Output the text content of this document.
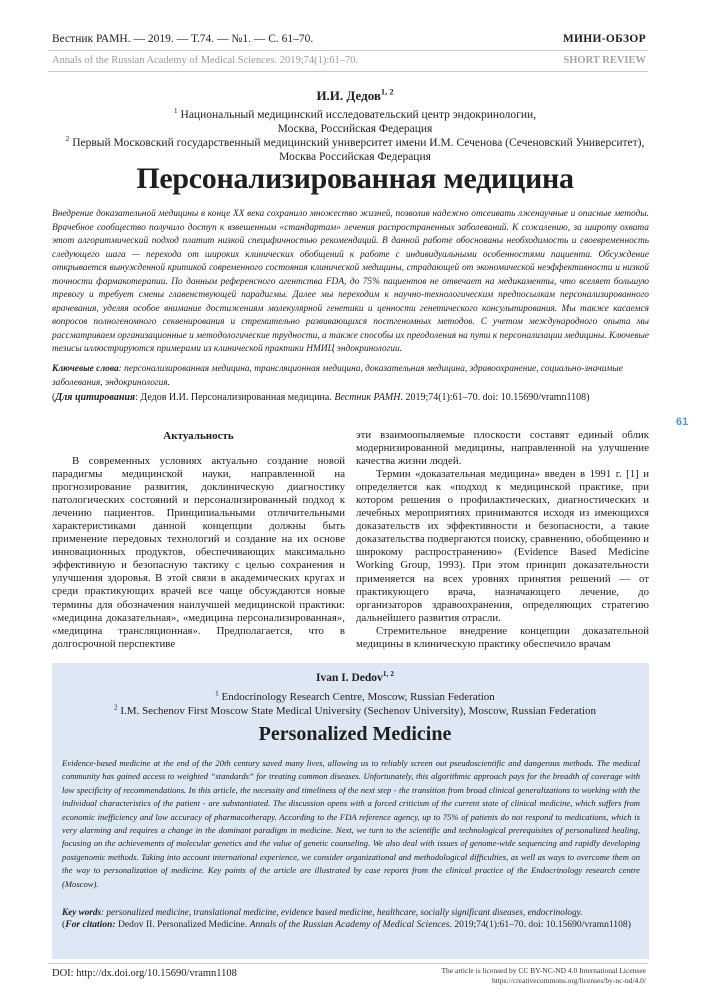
Вестник РАМН. — 2019. — Т.74. — №1. — С. 61–70.	МИНИ-ОБЗОР
Annals of the Russian Academy of Medical Sciences. 2019;74(1):61–70.	SHORT REVIEW
61
И.И. Дедов$^{1, 2}$
$^1$ Национальный медицинский исследовательский центр эндокринологии,
Москва, Российская Федерация
$^2$ Первый Московский государственный медицинский университет имени И.М. Сеченова (Сеченовский Университет),
Москва Российская Федерация
Персонализированная медицина
Внедрение доказательной медицины в конце XX века сохранило множество жизней, позволив надежно отсеивать лженаучные и опасные методы. Врачебное сообщество получило доступ к взвешенным «стандартам» лечения распространенных заболеваний. К сожалению, за широту охвата этот алгоритмический подход платит низкой специфичностью рекомендаций. В данной работе обоснованы необходимость и своевременность следующего шага — перехода от широких клинических обобщений к работе с индивидуальными особенностями пациента. Обсуждение открывается вынужденной критикой современного состояния клинической медицины, страдающей от экономической неэффективности и низкой точности фармакотерапии. По данным референсного агентства FDA, до 75% пациентов не отвечает на медикаменты, что вселяет большую тревогу и требует смены главенствующей парадигмы. Далее мы переходим к научно-технологическим предпосылкам персонализированного врачевания, уделяя особое внимание достижениям молекулярной генетики и ценности генетического консультирования. Мы также касаемся вопросов полногеномного секвенирования и стремительно развивающихся постгеномных методов. С учетом международного опыта мы рассматриваем организационные и методологические трудности, а также способы их преодоления на пути к персонализации медицины. Ключевые тезисы иллюстрируются примерами из клинической практики НМИЦ эндокринологии.
Ключевые слова: персонализированная медицина, трансляционная медицина, доказательная медицина, здравоохранение, социально-значимые заболевания, эндокринология.
(Для цитирования: Дедов И.И. Персонализированная медицина. Вестник РАМН. 2019;74(1):61–70. doi: 10.15690/vramn1108)
Актуальность

В современных условиях актуально создание новой парадигмы медицинской науки, направленной на прогнозирование развития, доклиническую диагностику патологических состояний и персонализированный подход к лечению пациентов. Принципиальными отличительными характеристиками данной концепции должны быть применение передовых технологий и создание на их основе инновационных продуктов, обеспечивающих максимально эффективную и безопасную тактику с целью сохранения и улучшения здоровья. В этой связи в академических кругах и среди практикующих врачей все чаще обсуждаются новые термины для обозначения наилучшей медицинской практики: «медицина доказательная», «медицина персонализированная», «медицина трансляционная». Предполагается, что в долгосрочной перспективе

эти взаимоопыляемые плоскости составят единый облик модернизированной медицины, направленной на улучшение качества жизни людей.

Термин «доказательная медицина» введен в 1991 г. [1] и определяется как «подход к медицинской практике, при котором решения о профилактических, диагностических и лечебных мероприятиях принимаются исходя из имеющихся доказательств их эффективности и безопасности, а такие доказательства подвергаются поиску, сравнению, обобщению и широкому распространению» (Evidence Based Medicine Working Group, 1993). При этом принцип доказательности применяется на всех уровнях принятия решений — от практикующего врача, назначающего лечение, до организаторов здравоохранения, определяющих стратегию дальнейшего развития отрасли.

Стремительное внедрение концепции доказательной медицины в клиническую практику обеспечило врачам

Ivan I. Dedov$^{1, 2}$
$^1$ Endocrinology Research Centre, Moscow, Russian Federation
$^2$ I.M. Sechenov First Moscow State Medical University (Sechenov University), Moscow, Russian Federation
Personalized Medicine
Evidence-based medicine at the end of the 20th century saved many lives, allowing us to reliably screen out pseudoscientific and dangerous methods. The medical community has gained access to weighted “standards” for treating common diseases. Unfortunately, this algorithmic approach pays for the breadth of coverage with low specificity of recommendations. In this article, the necessity and timeliness of the next step - the transition from broad clinical generalizations to working with the individual characteristics of the patient - are substantiated. The discussion opens with a forced criticism of the current state of clinical medicine, which suffers from economic inefficiency and low accuracy of pharmacotherapy. According to the FDA reference agency, up to 75% of patients do not respond to medications, which is very alarming and requires a change in the dominant paradigm in medicine. Next, we turn to the scientific and technological prerequisites of personalized healing, focusing on the achievements of molecular genetics and the value of genetic counseling. We also deal with issues of genome-wide sequencing and rapidly developing postgenomic methods. Taking into account international experience, we consider organizational and methodological difficulties, as well as ways to overcome them on the way to personalization of medicine. Key points of the article are illustrated by case reports from the clinical practice of the Endocrinology research centre (Moscow).
Key words: personalized medicine, translational medicine, evidence based medicine, healthcare, socially significant diseases, endocrinology.
(For citation: Dedov II. Personalized Medicine. Annals of the Russian Academy of Medical Sciences. 2019;74(1):61–70. doi: 10.15690/vramn1108)
DOI: http://dx.doi.org/10.15690/vramn1108	The article is licensed by CC BY-NC-ND 4.0 International Licensee
https://creativecommons.org/licenses/by-nc-nd/4.0/
